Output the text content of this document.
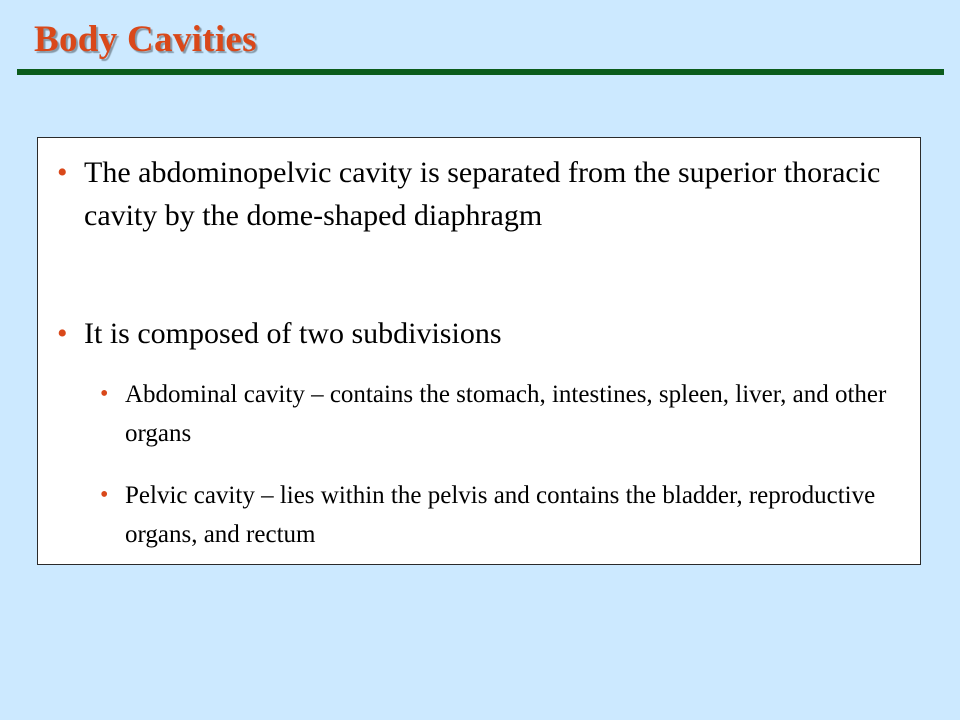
Body Cavities
• The abdominopelvic cavity is separated from the superior thoracic cavity by the dome-shaped diaphragm
• It is composed of two subdivisions
• Abdominal cavity – contains the stomach, intestines, spleen, liver, and other organs
• Pelvic cavity – lies within the pelvis and contains the bladder, reproductive organs, and rectum
